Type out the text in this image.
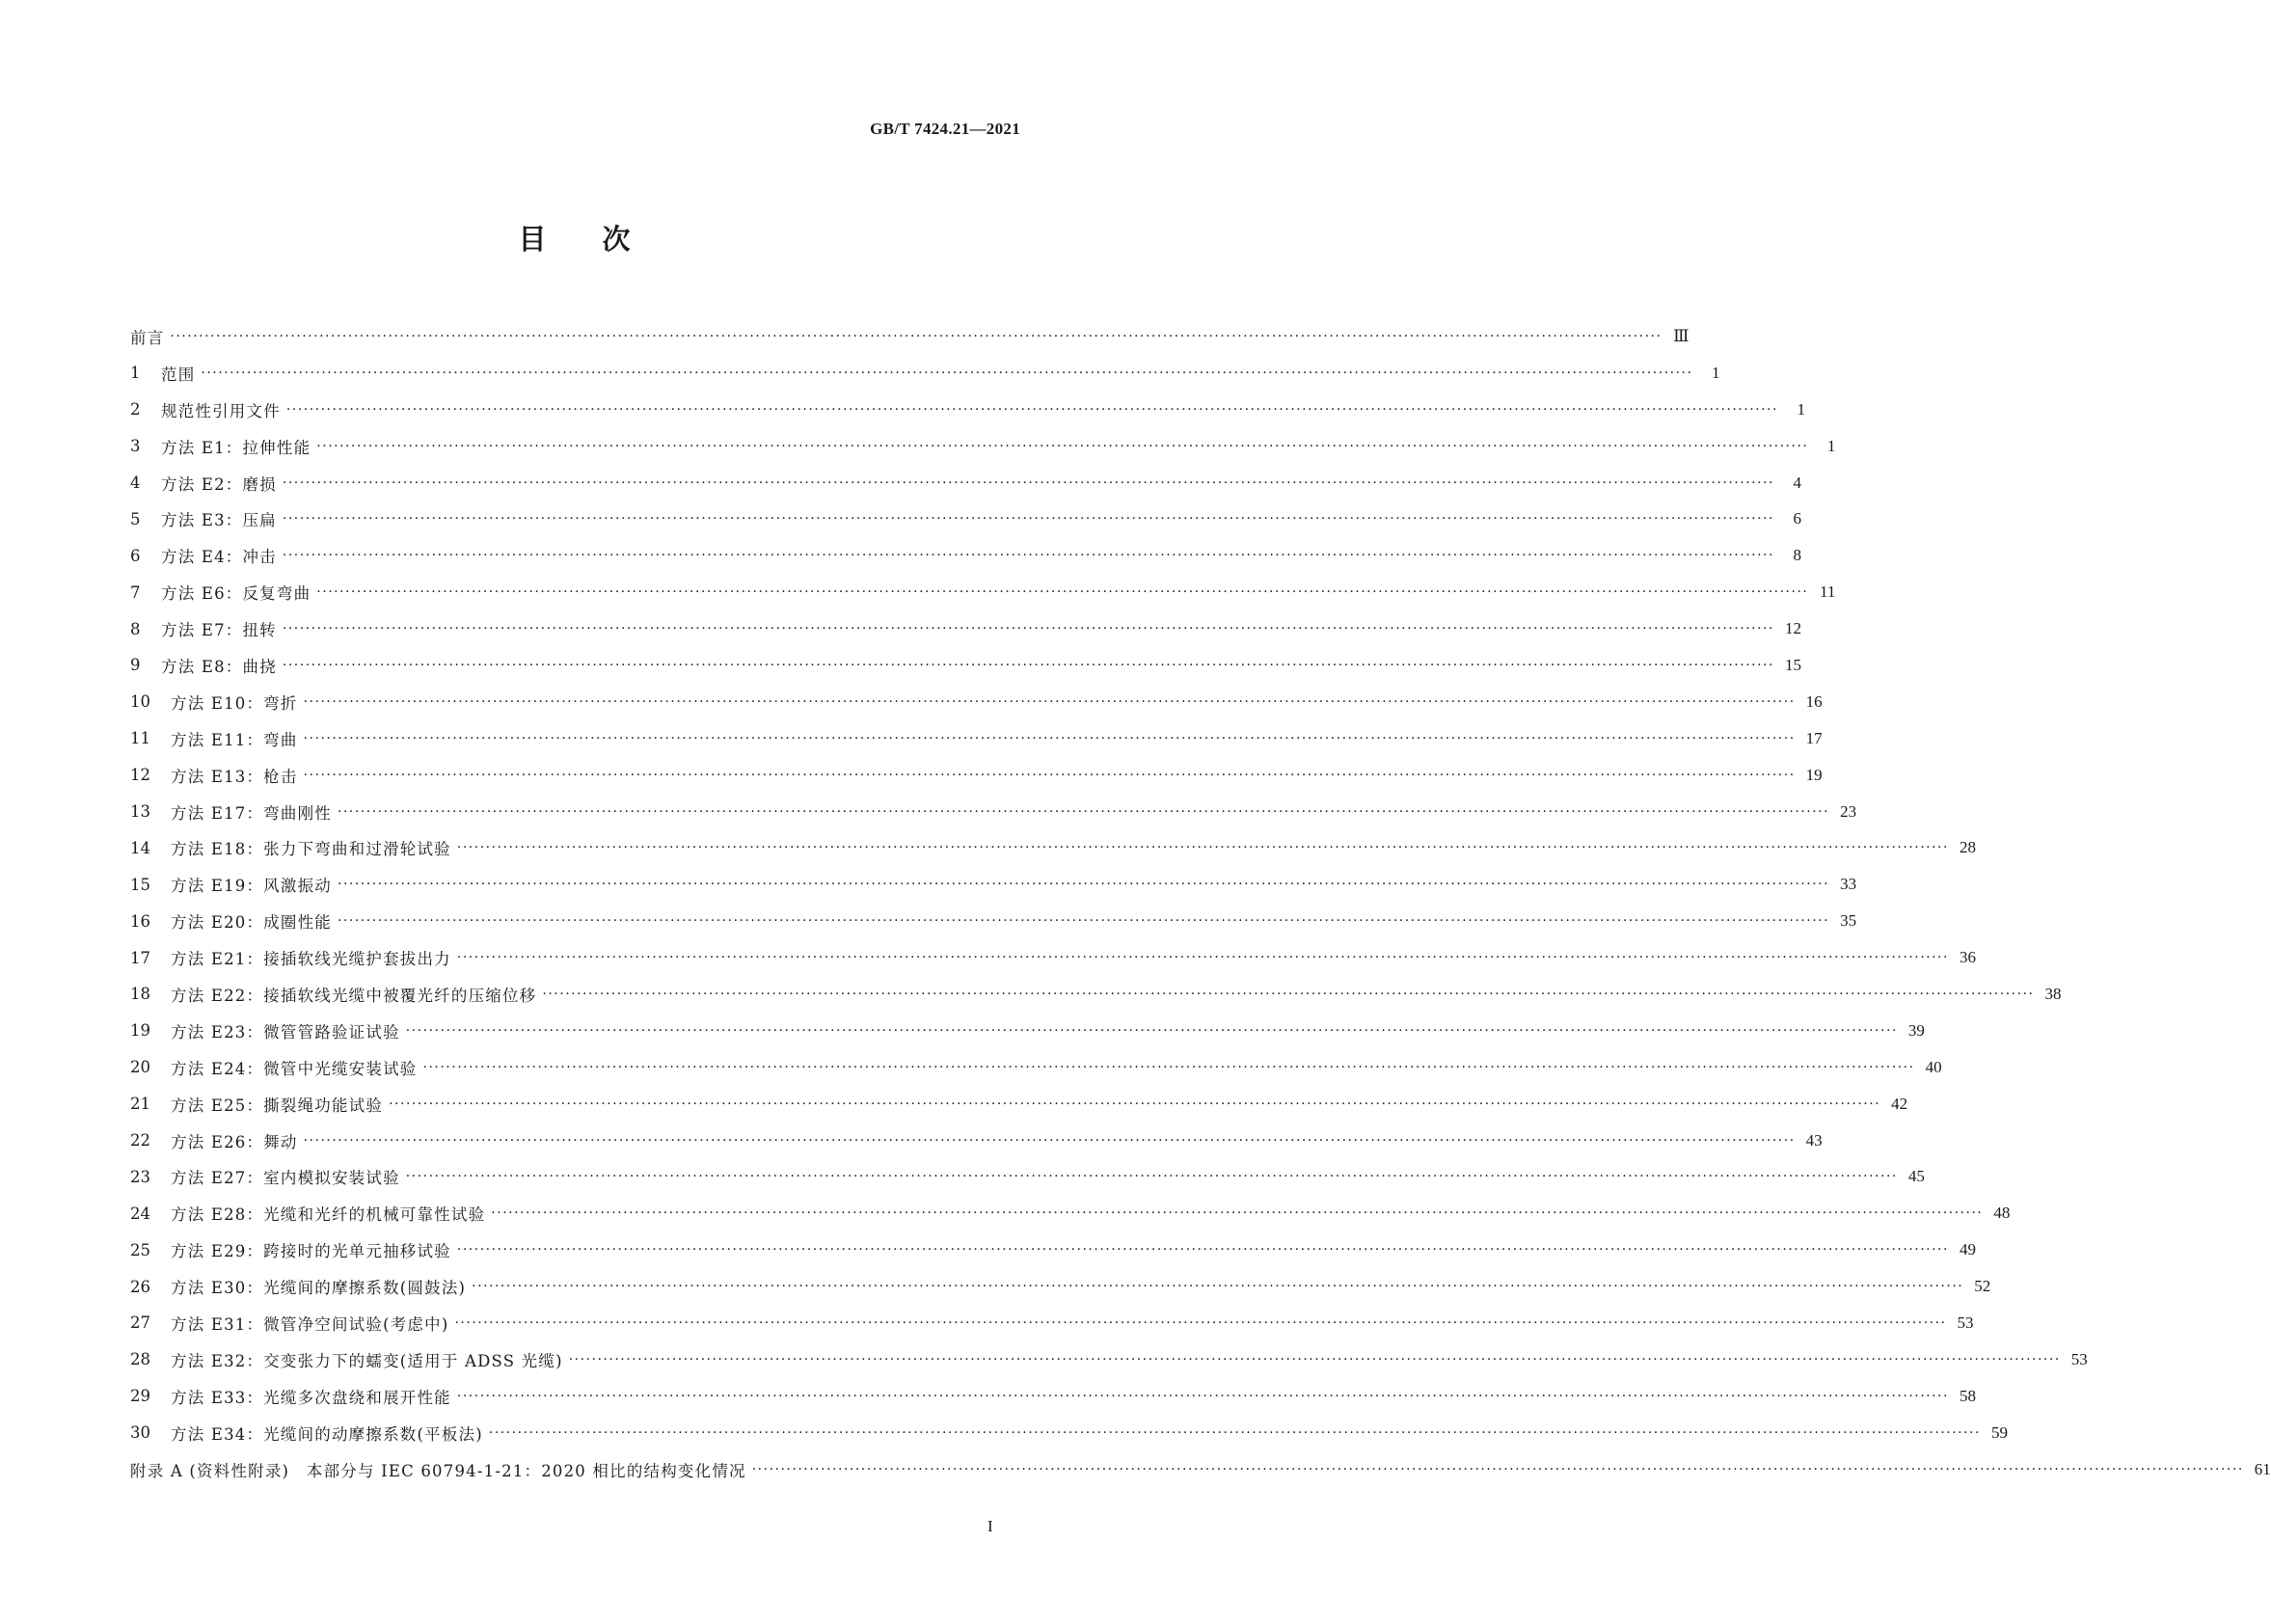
GB/T 7424.21—2021
目 次
前言 ···································································································································································································································································· Ⅲ
1	范围 ····································································································································································································································································	1
2	规范性引用文件 ····································································································································································································································································	1
3	方法 E1：拉伸性能 ····································································································································································································································································	1
4	方法 E2：磨损 ····································································································································································································································································	4
5	方法 E3：压扁 ····································································································································································································································································	6
6	方法 E4：冲击 ····································································································································································································································································	8
7	方法 E6：反复弯曲 ···································································································································································································································································· 11
8	方法 E7：扭转 ···································································································································································································································································· 12
9	方法 E8：曲挠 ···································································································································································································································································· 15
10	方法 E10：弯折 ···································································································································································································································································· 16
11	方法 E11：弯曲 ···································································································································································································································································· 17
12	方法 E13：枪击 ···································································································································································································································································· 19
13	方法 E17：弯曲刚性 ···································································································································································································································································· 23
14	方法 E18：张力下弯曲和过滑轮试验 ···································································································································································································································································· 28
15	方法 E19：风激振动 ···································································································································································································································································· 33
16	方法 E20：成圈性能 ···································································································································································································································································· 35
17	方法 E21：接插软线光缆护套拔出力 ···································································································································································································································································· 36
18	方法 E22：接插软线光缆中被覆光纤的压缩位移 ···································································································································································································································································· 38
19	方法 E23：微管管路验证试验 ···································································································································································································································································· 39
20	方法 E24：微管中光缆安装试验 ···································································································································································································································································· 40
21	方法 E25：撕裂绳功能试验 ···································································································································································································································································· 42
22	方法 E26：舞动 ···································································································································································································································································· 43
23	方法 E27：室内模拟安装试验 ···································································································································································································································································· 45
24	方法 E28：光缆和光纤的机械可靠性试验 ···································································································································································································································································· 48
25	方法 E29：跨接时的光单元抽移试验 ···································································································································································································································································· 49
26	方法 E30：光缆间的摩擦系数(圆鼓法) ···································································································································································································································································· 52
27	方法 E31：微管净空间试验(考虑中) ···································································································································································································································································· 53
28	方法 E32：交变张力下的蠕变(适用于 ADSS 光缆) ···································································································································································································································································· 53
29	方法 E33：光缆多次盘绕和展开性能 ···································································································································································································································································· 58
30	方法 E34：光缆间的动摩擦系数(平板法) ···································································································································································································································································· 59
附录 A (资料性附录)　本部分与 IEC 60794-1-21：2020 相比的结构变化情况 ···································································································································································································································································· 61
I
